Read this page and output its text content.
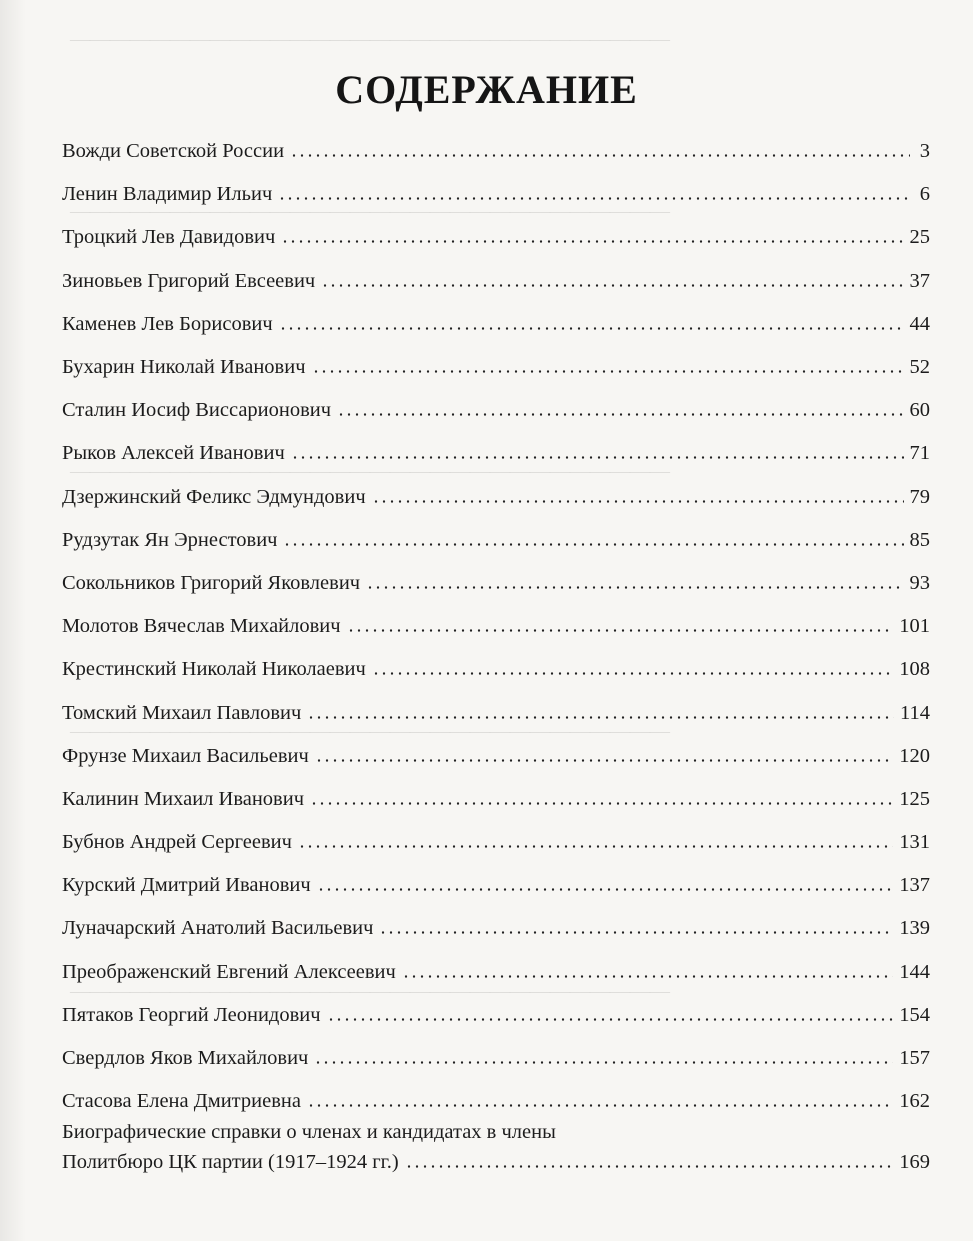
——————————————————————————————
——————————————————————————————
——————————————————————————————
——————————————————————————————
——————————————————————————————
СОДЕРЖАНИЕ
Вожди Советской России	3
Ленин Владимир Ильич	6
Троцкий Лев Давидович	25
Зиновьев Григорий Евсеевич	37
Каменев Лев Борисович	44
Бухарин Николай Иванович	52
Сталин Иосиф Виссарионович	60
Рыков Алексей Иванович	71
Дзержинский Феликс Эдмундович	79
Рудзутак Ян Эрнестович	85
Сокольников Григорий Яковлевич	93
Молотов Вячеслав Михайлович	101
Крестинский Николай Николаевич	108
Томский Михаил Павлович	114
Фрунзе Михаил Васильевич	120
Калинин Михаил Иванович	125
Бубнов Андрей Сергеевич	131
Курский Дмитрий Иванович	137
Луначарский Анатолий Васильевич	139
Преображенский Евгений Алексеевич	144
Пятаков Георгий Леонидович	154
Свердлов Яков Михайлович	157
Стасова Елена Дмитриевна	162
Биографические справки о членах и кандидатах в члены
Политбюро ЦК партии (1917–1924 гг.)	169
